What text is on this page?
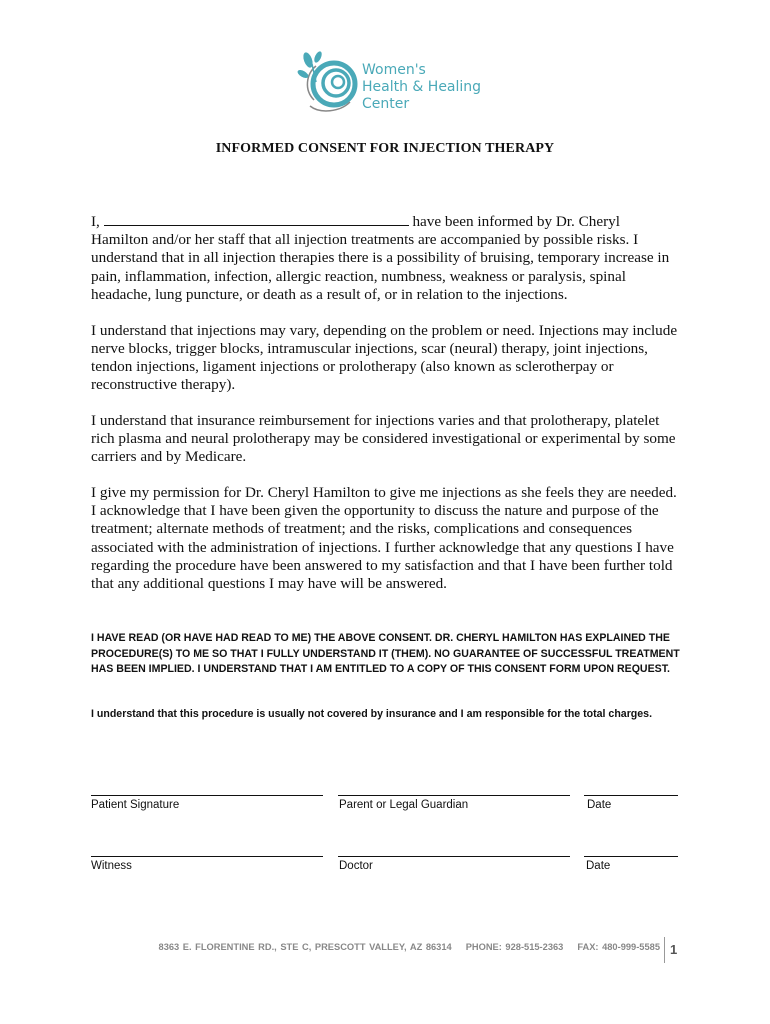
Women's
Health & Healing
Center
INFORMED CONSENT FOR INJECTION THERAPY

I,	have been informed by Dr. Cheryl Hamilton and/or her staff that all injection treatments are accompanied by possible risks. I understand that in all injection therapies there is a possibility of bruising, temporary increase in pain, inflammation, infection, allergic reaction, numbness, weakness or paralysis, spinal headache, lung puncture, or death as a result of, or in relation to the injections.

I understand that injections may vary, depending on the problem or need. Injections may include nerve blocks, trigger blocks, intramuscular injections, scar (neural) therapy, joint injections, tendon injections, ligament injections or prolotherapy (also known as sclerotherpay or reconstructive therapy).

I understand that insurance reimbursement for injections varies and that prolotherapy, platelet rich plasma and neural prolotherapy may be considered investigational or experimental by some carriers and by Medicare.

I give my permission for Dr. Cheryl Hamilton to give me injections as she feels they are needed. I acknowledge that I have been given the opportunity to discuss the nature and purpose of the treatment; alternate methods of treatment; and the risks, complications and consequences associated with the administration of injections. I further acknowledge that any questions I have regarding the procedure have been answered to my satisfaction and that I have been further told that any additional questions I may have will be answered.

I HAVE READ (OR HAVE HAD READ TO ME) THE ABOVE CONSENT. DR. CHERYL HAMILTON HAS EXPLAINED THE PROCEDURE(S) TO ME SO THAT I FULLY UNDERSTAND IT (THEM). NO GUARANTEE OF SUCCESSFUL TREATMENT HAS BEEN IMPLIED. I UNDERSTAND THAT I AM ENTITLED TO A COPY OF THIS CONSENT FORM UPON REQUEST.
I understand that this procedure is usually not covered by insurance and I am responsible for the total charges.
Patient Signature	Parent or Legal Guardian	Date
Witness	Doctor	Date
8363 E. FLORENTINE RD., STE C, PRESCOTT VALLEY, AZ 86314 PHONE: 928-515-2363 FAX: 480-999-5585 1
